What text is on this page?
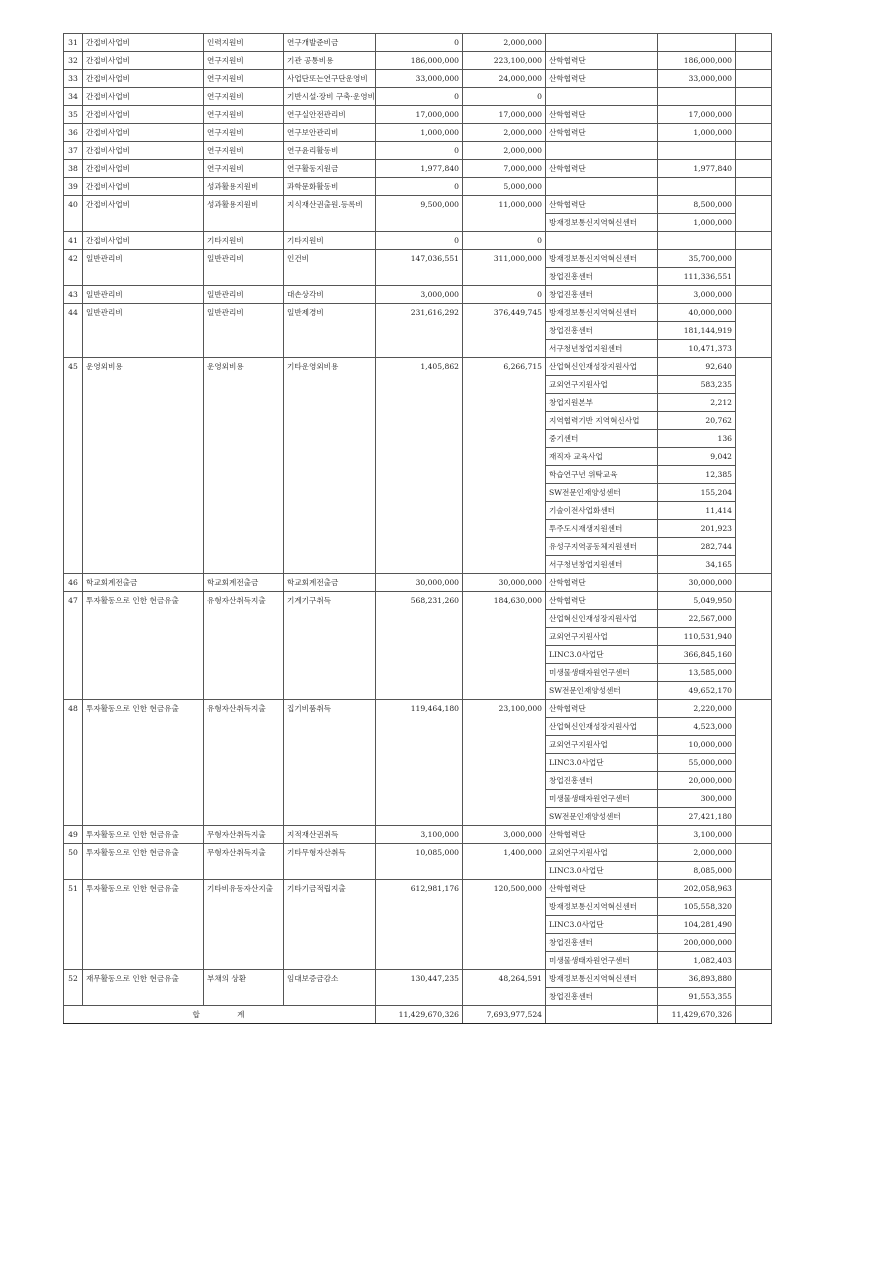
31	간접비사업비	인력지원비	연구개발준비금	0	2,000,000			
32	간접비사업비	연구지원비	기관 공통비용	186,000,000	223,100,000	산학협력단	186,000,000	
33	간접비사업비	연구지원비	사업단또는연구단운영비	33,000,000	24,000,000	산학협력단	33,000,000	
34	간접비사업비	연구지원비	기반시설·장비 구축·운영비	0	0			
35	간접비사업비	연구지원비	연구실안전관리비	17,000,000	17,000,000	산학협력단	17,000,000	
36	간접비사업비	연구지원비	연구보안관리비	1,000,000	2,000,000	산학협력단	1,000,000	
37	간접비사업비	연구지원비	연구윤리활동비	0	2,000,000			
38	간접비사업비	연구지원비	연구활동지원금	1,977,840	7,000,000	산학협력단	1,977,840	
39	간접비사업비	성과활용지원비	과학문화활동비	0	5,000,000			
40	간접비사업비	성과활용지원비	지식재산권출원.등록비	9,500,000	11,000,000	산학협력단	8,500,000	
						방재정보통신지역혁신센터	1,000,000	
41	간접비사업비	기타지원비	기타지원비	0	0			
42	일반관리비	일반관리비	인건비	147,036,551	311,000,000	방재정보통신지역혁신센터	35,700,000	
						창업진흥센터	111,336,551	
43	일반관리비	일반관리비	대손상각비	3,000,000	0	창업진흥센터	3,000,000	
44	일반관리비	일반관리비	일반제경비	231,616,292	376,449,745	방재정보통신지역혁신센터	40,000,000	
						창업진흥센터	181,144,919	
						서구청년창업지원센터	10,471,373	
45	운영외비용	운영외비용	기타운영외비용	1,405,862	6,266,715	산업혁신인재성장지원사업	92,640	
						교외연구지원사업	583,235	
						창업지원본부	2,212	
						지역협력기반 지역혁신사업	20,762	
						중기센터	136	
						재직자 교육사업	9,042	
						학습연구년 위탁교육	12,385	
						SW전문인재양성센터	155,204	
						기술이전사업화센터	11,414	
						투주도시재생지원센터	201,923	
						유성구지역공동체지원센터	282,744	
						서구청년창업지원센터	34,165	
46	학교회계전출금	학교회계전출금	학교회계전출금	30,000,000	30,000,000	산학협력단	30,000,000	
47	투자활동으로 인한 현금유출	유형자산취득지출	기계기구취득	568,231,260	184,630,000	산학협력단	5,049,950	
						산업혁신인재성장지원사업	22,567,000	
						교외연구지원사업	110,531,940	
						LINC3.0사업단	366,845,160	
						미생물생태자원연구센터	13,585,000	
						SW전문인재양성센터	49,652,170	
48	투자활동으로 인한 현금유출	유형자산취득지출	집기비품취득	119,464,180	23,100,000	산학협력단	2,220,000	
						산업혁신인재성장지원사업	4,523,000	
						교외연구지원사업	10,000,000	
						LINC3.0사업단	55,000,000	
						창업진흥센터	20,000,000	
						미생물생태자원연구센터	300,000	
						SW전문인재양성센터	27,421,180	
49	투자활동으로 인한 현금유출	무형자산취득지출	지적재산권취득	3,100,000	3,000,000	산학협력단	3,100,000	
50	투자활동으로 인한 현금유출	무형자산취득지출	기타무형자산취득	10,085,000	1,400,000	교외연구지원사업	2,000,000	
						LINC3.0사업단	8,085,000	
51	투자활동으로 인한 현금유출	기타비유동자산지출	기타기금적립지출	612,981,176	120,500,000	산학협력단	202,058,963	
						방재정보통신지역혁신센터	105,558,320	
						LINC3.0사업단	104,281,490	
						창업진흥센터	200,000,000	
						미생물생태자원연구센터	1,082,403	
52	재무활동으로 인한 현금유출	부채의 상환	임대보증금감소	130,447,235	48,264,591	방재정보통신지역혁신센터	36,893,880	
						창업진흥센터	91,553,355	
합 계				11,429,670,326	7,693,977,524		11,429,670,326	
